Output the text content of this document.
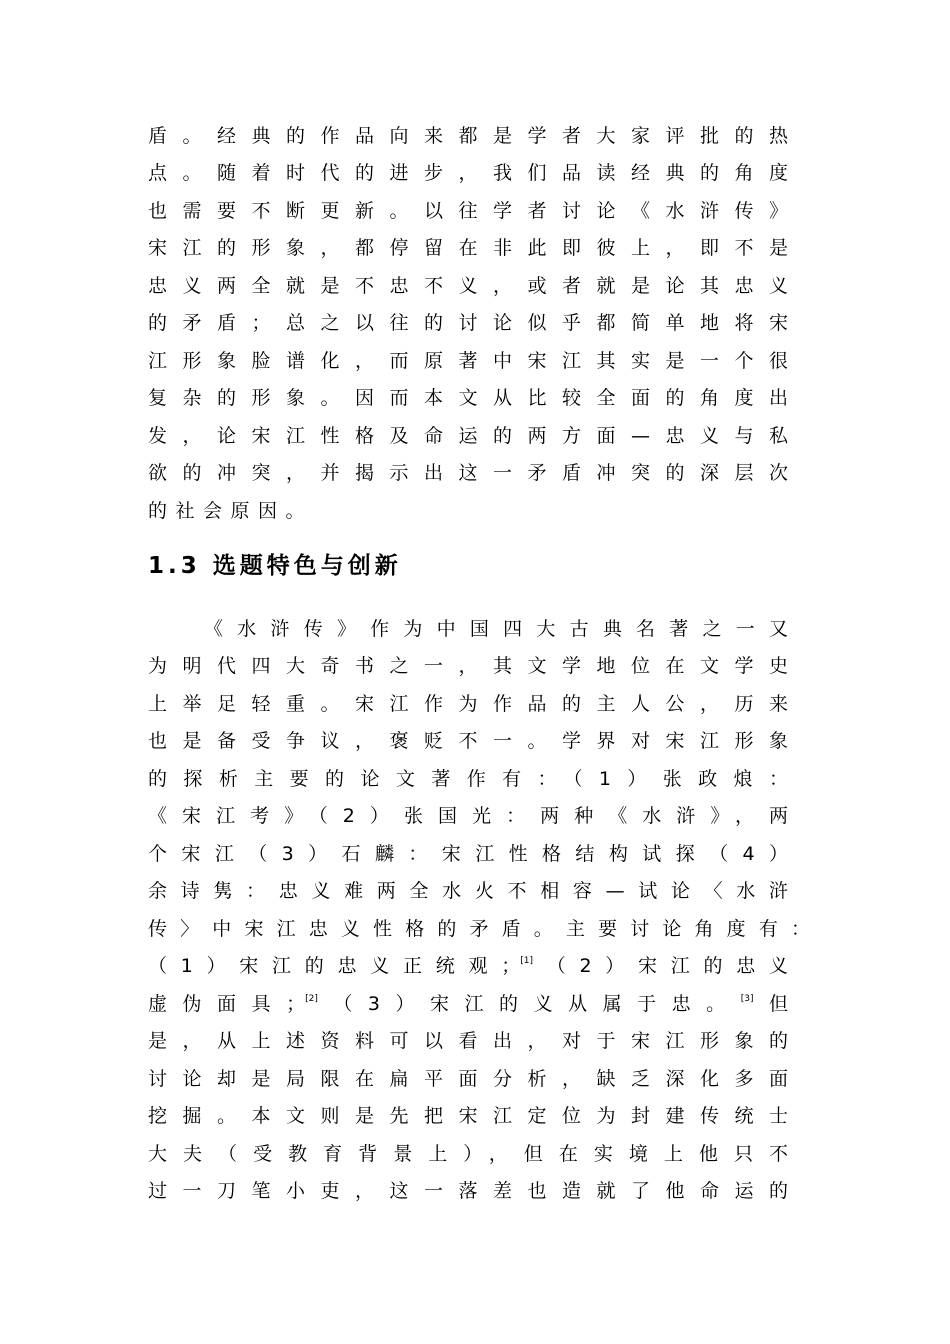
盾。经典的作品向来都是学者大家评批的热
点。随着时代的进步，我们品读经典的角度
也需要不断更新。以往学者讨论《水浒传》
宋江的形象，都停留在非此即彼上，即不是
忠义两全就是不忠不义，或者就是论其忠义
的矛盾；总之以往的讨论似乎都简单地将宋
江形象脸谱化，而原著中宋江其实是一个很
复杂的形象。因而本文从比较全面的角度出
发，论宋江性格及命运的两方面—忠义与私
欲的冲突，并揭示出这一矛盾冲突的深层次
的社会原因。
1.3 选题特色与创新
《水浒传》作为中国四大古典名著之一又
为明代四大奇书之一，其文学地位在文学史
上举足轻重。宋江作为作品的主人公，历来
也是备受争议，褒贬不一。学界对宋江形象
的探析主要的论文著作有：（1）张政烺：
《宋江考》（2）张国光：两种《水浒》，两
个宋江（3）石麟：宋江性格结构试探（4）
余诗隽：忠义难两全水火不相容—试论〈水浒
传〉中宋江忠义性格的矛盾。主要讨论角度有：
（1）宋江的忠义正统观；[1]（2）宋江的忠义
虚伪面具；[2]（3）宋江的义从属于忠。[3]但
是，从上述资料可以看出，对于宋江形象的
讨论却是局限在扁平面分析，缺乏深化多面
挖掘。本文则是先把宋江定位为封建传统士
大夫（受教育背景上），但在实境上他只不
过一刀笔小吏，这一落差也造就了他命运的
